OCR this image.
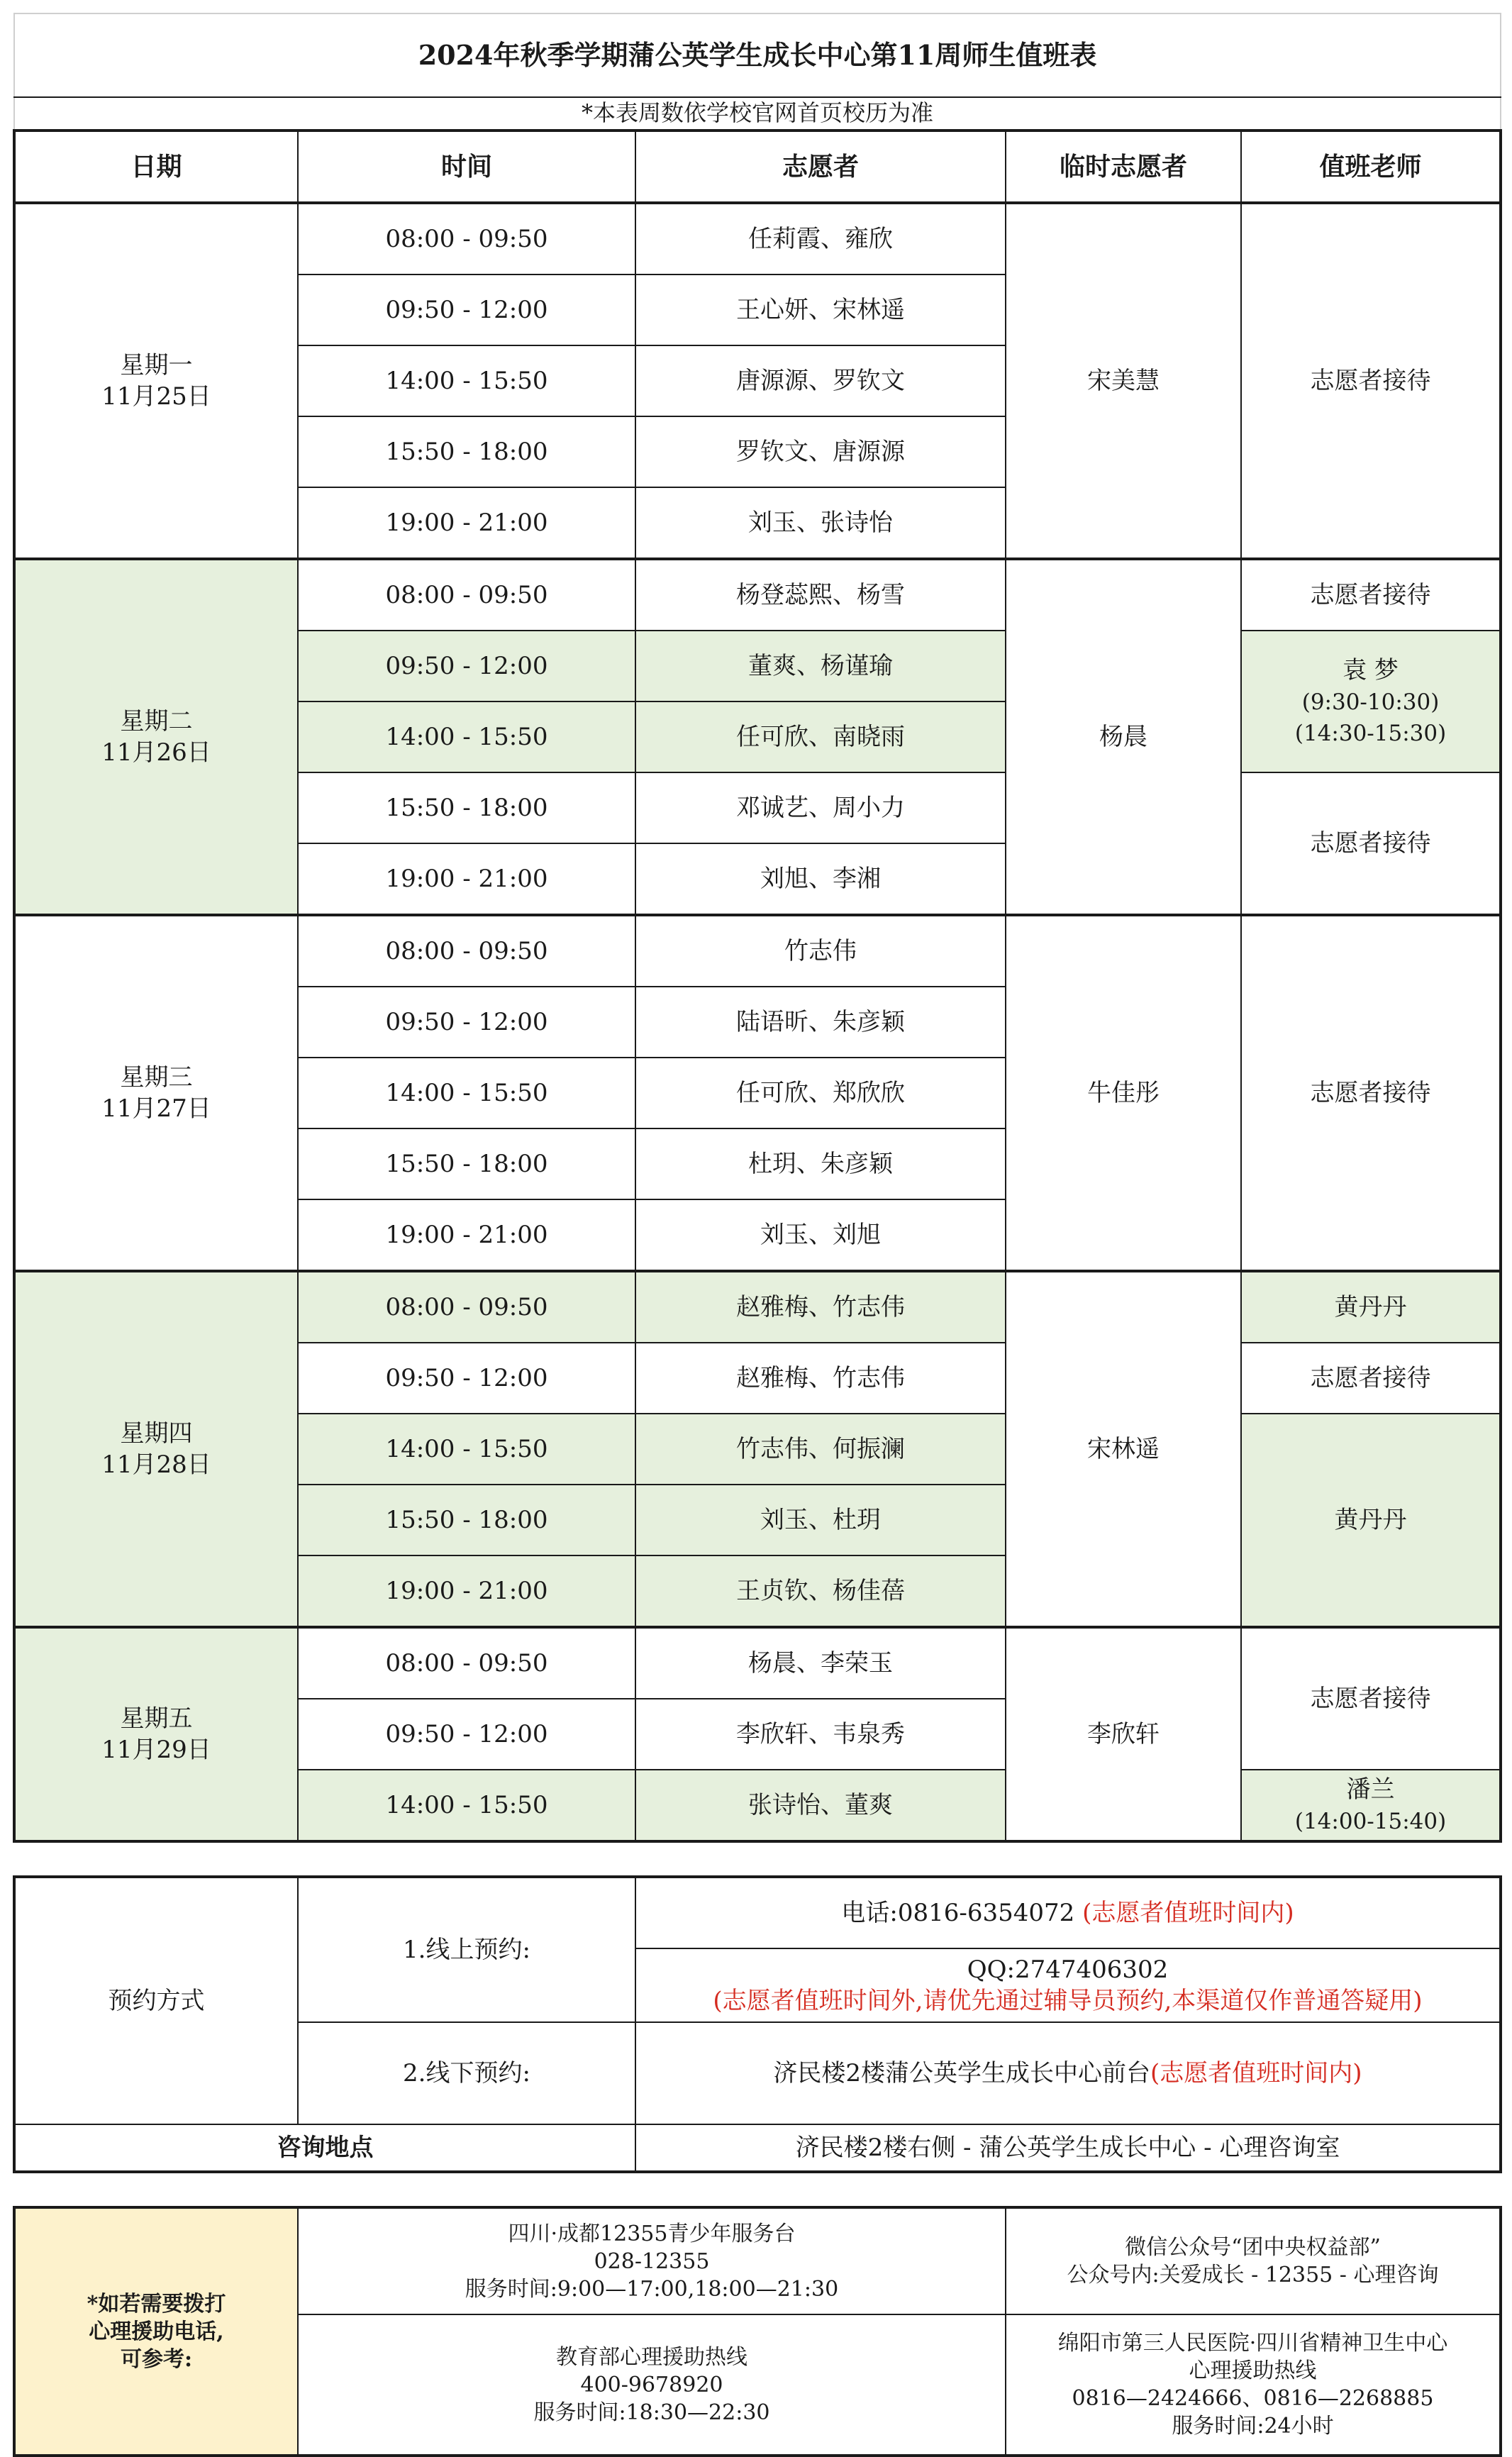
2024年秋季学期蒲公英学生成长中心第11周师生值班表				
*本表周数依学校官网首页校历为准				
日期	时间	志愿者	临时志愿者	值班老师
星期一
11月25日	08:00 - 09:50	任莉霞、雍欣	宋美慧	志愿者接待
	09:50 - 12:00	王心妍、宋林遥		
	14:00 - 15:50	唐源源、罗钦文		
	15:50 - 18:00	罗钦文、唐源源		
	19:00 - 21:00	刘玉、张诗怡		
星期二
11月26日	08:00 - 09:50	杨登蕊熙、杨雪	杨晨	志愿者接待
	09:50 - 12:00	董爽、杨谨瑜		袁 梦
(9:30-10:30)
(14:30-15:30)
	14:00 - 15:50	任可欣、南晓雨		
	15:50 - 18:00	邓诚艺、周小力		志愿者接待
	19:00 - 21:00	刘旭、李湘		
星期三
11月27日	08:00 - 09:50	竹志伟	牛佳彤	志愿者接待
	09:50 - 12:00	陆语昕、朱彦颖		
	14:00 - 15:50	任可欣、郑欣欣		
	15:50 - 18:00	杜玥、朱彦颖		
	19:00 - 21:00	刘玉、刘旭		
星期四
11月28日	08:00 - 09:50	赵雅梅、竹志伟	宋林遥	黄丹丹
	09:50 - 12:00	赵雅梅、竹志伟		志愿者接待
	14:00 - 15:50	竹志伟、何振澜		黄丹丹
	15:50 - 18:00	刘玉、杜玥		
	19:00 - 21:00	王贞钦、杨佳蓓		
星期五
11月29日	08:00 - 09:50	杨晨、李荣玉	李欣轩	志愿者接待
	09:50 - 12:00	李欣轩、韦泉秀		
	14:00 - 15:50	张诗怡、董爽		潘兰
(14:00-15:40)
预约方式	1.线上预约:	电话:0816-6354072 (志愿者值班时间内)
		QQ:2747406302
(志愿者值班时间外,请优先通过辅导员预约,本渠道仅作普通答疑用)
	2.线下预约:	济民楼2楼蒲公英学生成长中心前台(志愿者值班时间内)
咨询地点		济民楼2楼右侧 - 蒲公英学生成长中心 - 心理咨询室
*如若需要拨打
心理援助电话,
可参考:	四川·成都12355青少年服务台
028-12355
服务时间:9:00—17:00,18:00—21:30	微信公众号“团中央权益部”
公众号内:关爱成长 - 12355 - 心理咨询
	教育部心理援助热线
400-9678920
服务时间:18:30—22:30	绵阳市第三人民医院·四川省精神卫生中心
心理援助热线
0816—2424666、0816—2268885
服务时间:24小时
